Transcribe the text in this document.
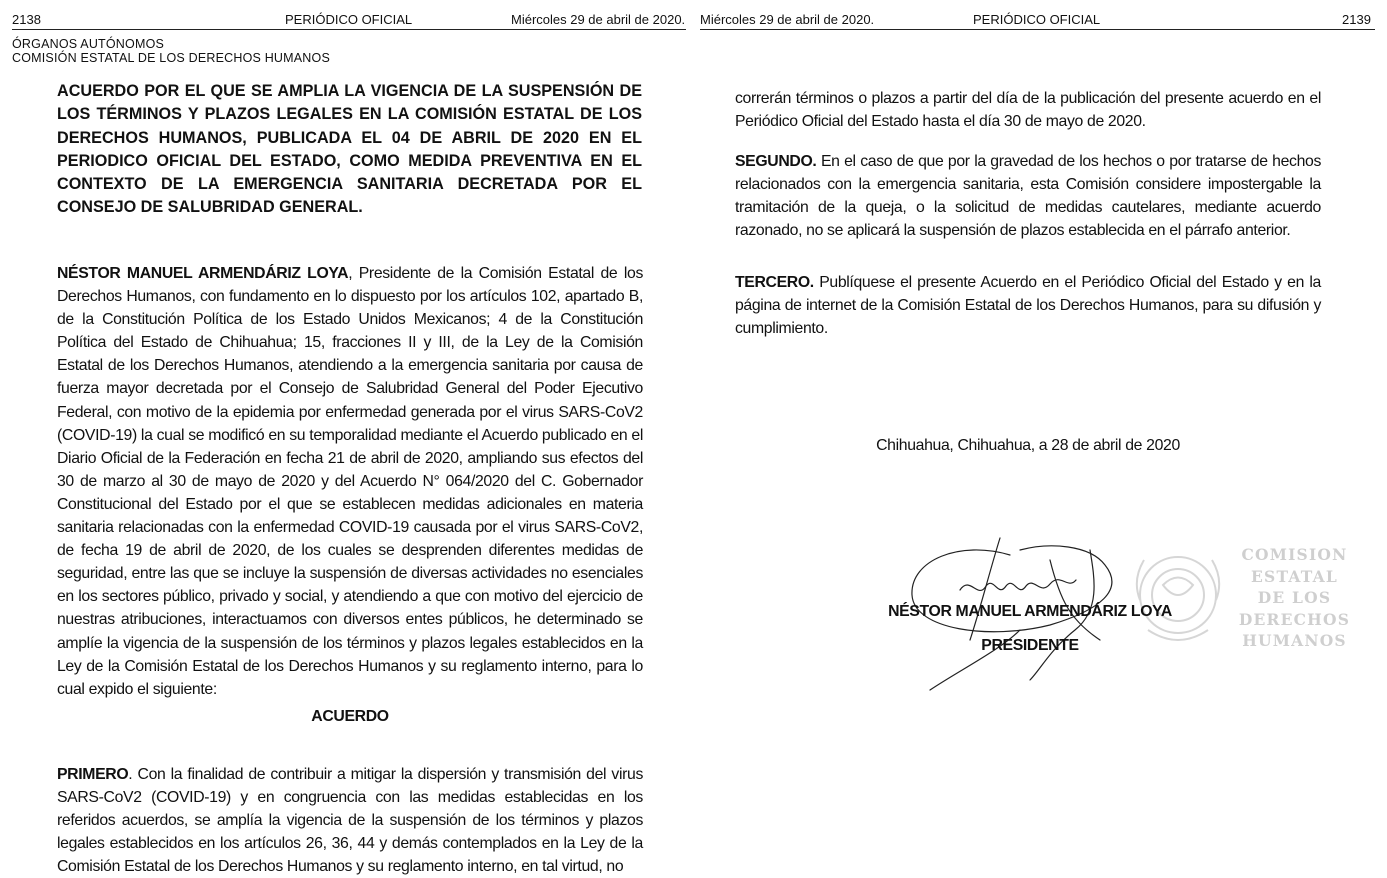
2138	PERIÓDICO OFICIAL	Miércoles 29 de abril de 2020.
ÓRGANOS AUTÓNOMOS
COMISIÓN ESTATAL DE LOS DERECHOS HUMANOS
ACUERDO POR EL QUE SE AMPLIA LA VIGENCIA DE LA SUSPENSIÓN DE LOS TÉRMINOS Y PLAZOS LEGALES EN LA COMISIÓN ESTATAL DE LOS DERECHOS HUMANOS, PUBLICADA EL 04 DE ABRIL DE 2020 EN EL PERIODICO OFICIAL DEL ESTADO, COMO MEDIDA PREVENTIVA EN EL CONTEXTO DE LA EMERGENCIA SANITARIA DECRETADA POR EL CONSEJO DE SALUBRIDAD GENERAL.
NÉSTOR MANUEL ARMENDÁRIZ LOYA, Presidente de la Comisión Estatal de los Derechos Humanos, con fundamento en lo dispuesto por los artículos 102, apartado B, de la Constitución Política de los Estado Unidos Mexicanos; 4 de la Constitución Política del Estado de Chihuahua; 15, fracciones II y III, de la Ley de la Comisión Estatal de los Derechos Humanos, atendiendo a la emergencia sanitaria por causa de fuerza mayor decretada por el Consejo de Salubridad General del Poder Ejecutivo Federal, con motivo de la epidemia por enfermedad generada por el virus SARS-CoV2 (COVID-19) la cual se modificó en su temporalidad mediante el Acuerdo publicado en el Diario Oficial de la Federación en fecha 21 de abril de 2020, ampliando sus efectos del 30 de marzo al 30 de mayo de 2020 y del Acuerdo N° 064/2020 del C. Gobernador Constitucional del Estado por el que se establecen medidas adicionales en materia sanitaria relacionadas con la enfermedad COVID-19 causada por el virus SARS-CoV2, de fecha 19 de abril de 2020, de los cuales se desprenden diferentes medidas de seguridad, entre las que se incluye la suspensión de diversas actividades no esenciales en los sectores público, privado y social, y atendiendo a que con motivo del ejercicio de nuestras atribuciones, interactuamos con diversos entes públicos, he determinado se amplíe la vigencia de la suspensión de los términos y plazos legales establecidos en la Ley de la Comisión Estatal de los Derechos Humanos y su reglamento interno, para lo cual expido el siguiente:
ACUERDO
PRIMERO. Con la finalidad de contribuir a mitigar la dispersión y transmisión del virus SARS-CoV2 (COVID-19) y en congruencia con las medidas establecidas en los referidos acuerdos, se amplía la vigencia de la suspensión de los términos y plazos legales establecidos en los artículos 26, 36, 44 y demás contemplados en la Ley de la Comisión Estatal de los Derechos Humanos y su reglamento interno, en tal virtud, no
Miércoles 29 de abril de 2020.	PERIÓDICO OFICIAL	2139
correrán términos o plazos a partir del día de la publicación del presente acuerdo en el Periódico Oficial del Estado hasta el día 30 de mayo de 2020.
SEGUNDO. En el caso de que por la gravedad de los hechos o por tratarse de hechos relacionados con la emergencia sanitaria, esta Comisión considere impostergable la tramitación de la queja, o la solicitud de medidas cautelares, mediante acuerdo razonado, no se aplicará la suspensión de plazos establecida en el párrafo anterior.
TERCERO. Publíquese el presente Acuerdo en el Periódico Oficial del Estado y en la página de internet de la Comisión Estatal de los Derechos Humanos, para su difusión y cumplimiento.
Chihuahua, Chihuahua, a 28 de abril de 2020
COMISION
ESTATAL
DE LOS
DERECHOS
HUMANOS
NÉSTOR MANUEL ARMENDÁRIZ LOYA
PRESIDENTE
